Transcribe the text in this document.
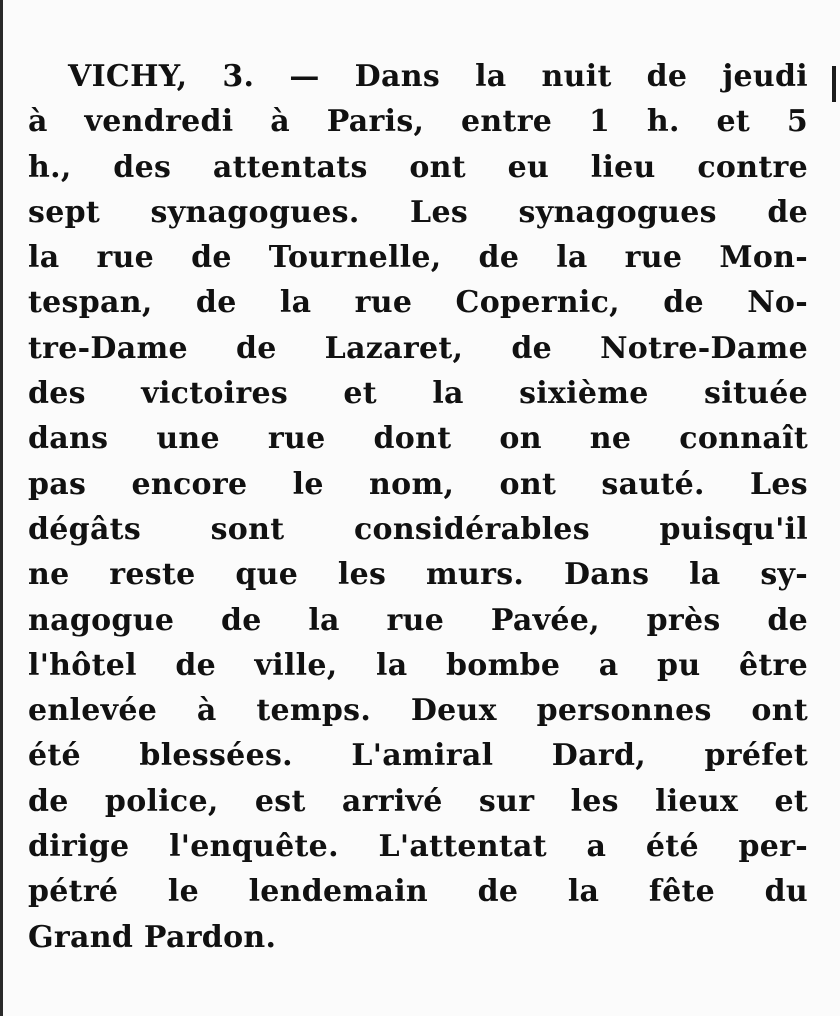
VICHY, 3. — Dans la nuit de jeudi
à vendredi à Paris, entre 1 h. et 5
h., des attentats ont eu lieu contre
sept synagogues. Les synagogues de
la rue de Tournelle, de la rue Mon-
tespan, de la rue Copernic, de No-
tre-Dame de Lazaret, de Notre-Dame
des victoires et la sixième située
dans une rue dont on ne connaît
pas encore le nom, ont sauté. Les
dégâts sont considérables puisqu'il
ne reste que les murs. Dans la sy-
nagogue de la rue Pavée, près de
l'hôtel de ville, la bombe a pu être
enlevée à temps. Deux personnes ont
été blessées. L'amiral Dard, préfet
de police, est arrivé sur les lieux et
dirige l'enquête. L'attentat a été per-
pétré le lendemain de la fête du
Grand Pardon.
